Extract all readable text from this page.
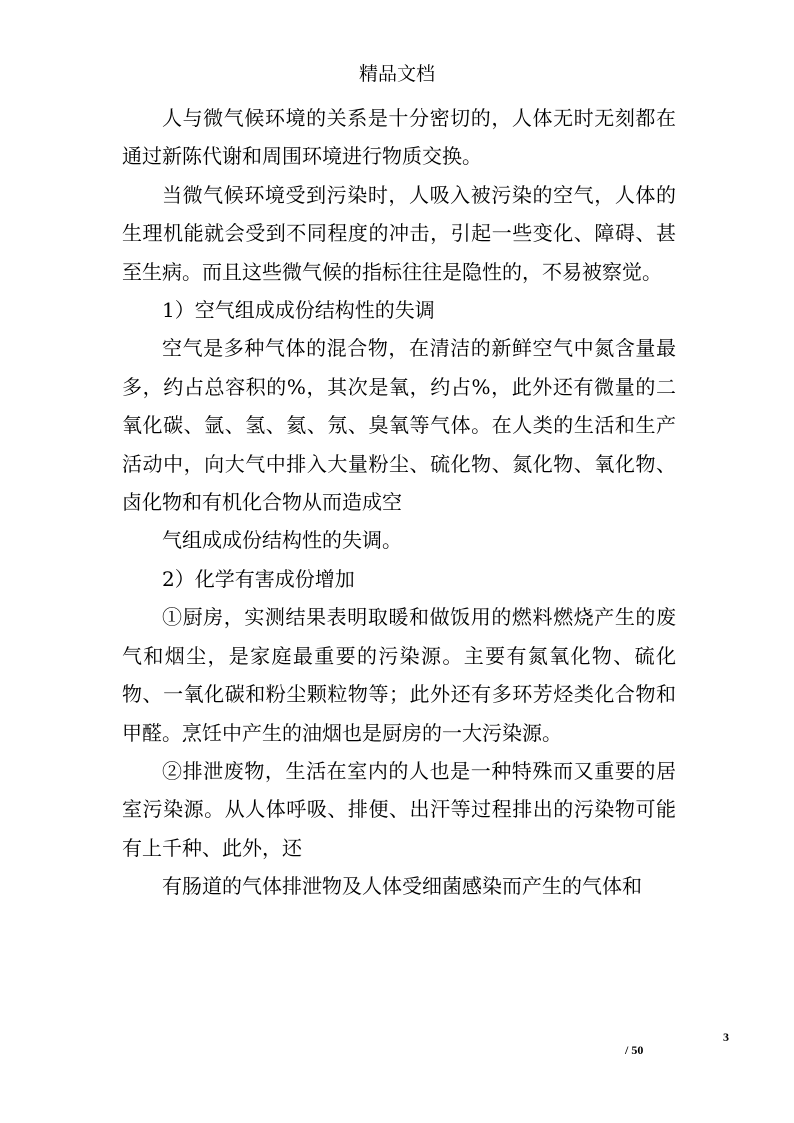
精品文档

人与微气候环境的关系是十分密切的，人体无时无刻都在通过新陈代谢和周围环境进行物质交换。

当微气候环境受到污染时，人吸入被污染的空气，人体的生理机能就会受到不同程度的冲击，引起一些变化、障碍、甚至生病。而且这些微气候的指标往往是隐性的，不易被察觉。

1）空气组成成份结构性的失调

空气是多种气体的混合物，在清洁的新鲜空气中氮含量最多，约占总容积的%，其次是氧，约占%，此外还有微量的二氧化碳、氩、氢、氦、氖、臭氧等气体。在人类的生活和生产活动中，向大气中排入大量粉尘、硫化物、氮化物、氧化物、卤化物和有机化合物从而造成空

气组成成份结构性的失调。

2）化学有害成份增加

①厨房，实测结果表明取暖和做饭用的燃料燃烧产生的废气和烟尘，是家庭最重要的污染源。主要有氮氧化物、硫化物、一氧化碳和粉尘颗粒物等；此外还有多环芳烃类化合物和甲醛。烹饪中产生的油烟也是厨房的一大污染源。

②排泄废物，生活在室内的人也是一种特殊而又重要的居室污染源。从人体呼吸、排便、出汗等过程排出的污染物可能有上千种、此外，还

有肠道的气体排泄物及人体受细菌感染而产生的气体和

3
/ 50
